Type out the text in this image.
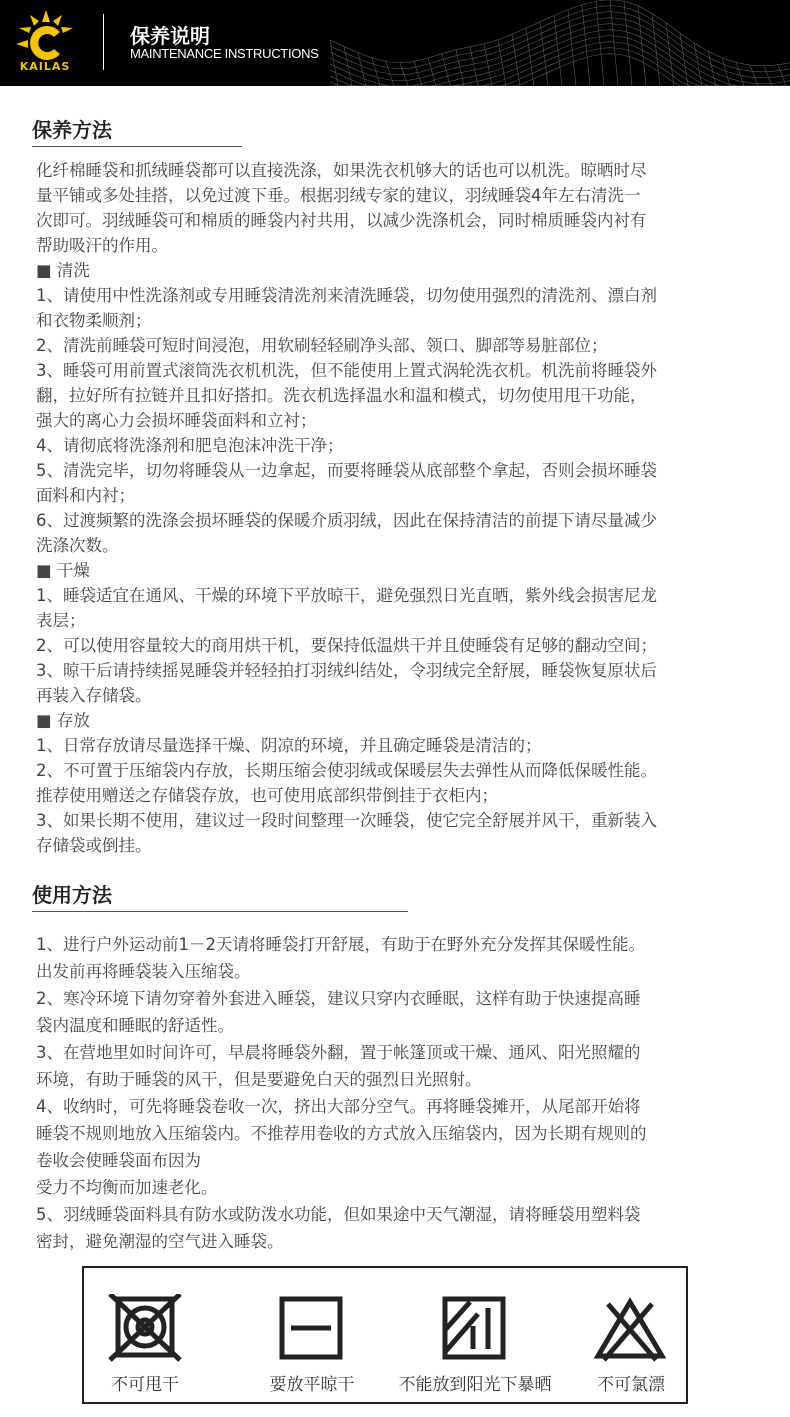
KAILAS
保养说明
MAINTENANCE INSTRUCTIONS
保养方法
化纤棉睡袋和抓绒睡袋都可以直接洗涤，如果洗衣机够大的话也可以机洗。晾晒时尽
量平铺或多处挂搭，以免过渡下垂。根据羽绒专家的建议，羽绒睡袋4年左右清洗一
次即可。羽绒睡袋可和棉质的睡袋内衬共用，以减少洗涤机会，同时棉质睡袋内衬有
帮助吸汗的作用。
■ 清洗
1、请使用中性洗涤剂或专用睡袋清洗剂来清洗睡袋，切勿使用强烈的清洗剂、漂白剂
和衣物柔顺剂；
2、清洗前睡袋可短时间浸泡，用软刷轻轻刷净头部、领口、脚部等易脏部位；
3、睡袋可用前置式滚筒洗衣机机洗，但不能使用上置式涡轮洗衣机。机洗前将睡袋外
翻，拉好所有拉链并且扣好搭扣。洗衣机选择温水和温和模式，切勿使用甩干功能，
强大的离心力会损坏睡袋面料和立衬；
4、请彻底将洗涤剂和肥皂泡沫冲洗干净；
5、清洗完毕，切勿将睡袋从一边拿起，而要将睡袋从底部整个拿起，否则会损坏睡袋
面料和内衬；
6、过渡频繁的洗涤会损坏睡袋的保暖介质羽绒，因此在保持清洁的前提下请尽量减少
洗涤次数。
■ 干燥
1、睡袋适宜在通风、干燥的环境下平放晾干，避免强烈日光直晒，紫外线会损害尼龙
表层；
2、可以使用容量较大的商用烘干机，要保持低温烘干并且使睡袋有足够的翻动空间；
3、晾干后请持续摇晃睡袋并轻轻拍打羽绒纠结处，令羽绒完全舒展，睡袋恢复原状后
再装入存储袋。
■ 存放
1、日常存放请尽量选择干燥、阴凉的环境，并且确定睡袋是清洁的；
2、不可置于压缩袋内存放，长期压缩会使羽绒或保暖层失去弹性从而降低保暖性能。
推荐使用赠送之存储袋存放，也可使用底部织带倒挂于衣柜内；
3、如果长期不使用，建议过一段时间整理一次睡袋，使它完全舒展并风干，重新装入
存储袋或倒挂。
使用方法
1、进行户外运动前1－2天请将睡袋打开舒展，有助于在野外充分发挥其保暖性能。
出发前再将睡袋装入压缩袋。
2、寒冷环境下请勿穿着外套进入睡袋，建议只穿内衣睡眠，这样有助于快速提高睡
袋内温度和睡眠的舒适性。
3、在营地里如时间许可，早晨将睡袋外翻，置于帐篷顶或干燥、通风、阳光照耀的
环境，有助于睡袋的风干，但是要避免白天的强烈日光照射。
4、收纳时，可先将睡袋卷收一次，挤出大部分空气。再将睡袋摊开，从尾部开始将
睡袋不规则地放入压缩袋内。不推荐用卷收的方式放入压缩袋内，因为长期有规则的
卷收会使睡袋面布因为
受力不均衡而加速老化。
5、羽绒睡袋面料具有防水或防泼水功能，但如果途中天气潮湿，请将睡袋用塑料袋
密封，避免潮湿的空气进入睡袋。
不可甩干	要放平晾干	不能放到阳光下暴晒	不可氯漂
